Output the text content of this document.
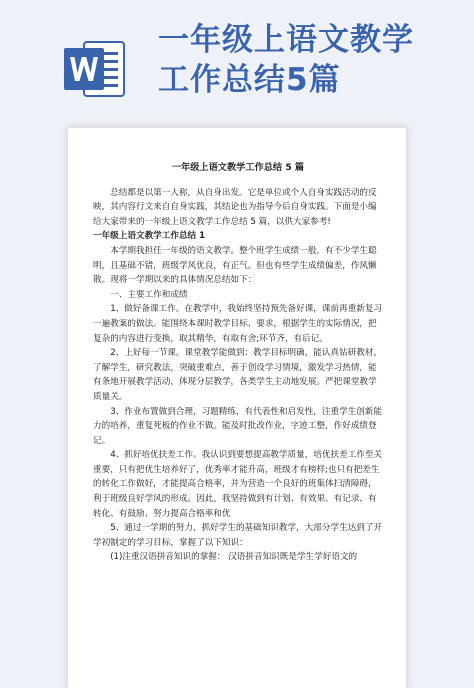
一年级上语文教学
工作总结5篇
一年级上语文教学工作总结 5 篇

总结都是以第一人称，从自身出发。它是单位或个人自身实践活动的反映，其内容行文来自自身实践，其结论也为指导今后自身实践。下面是小编给大家带来的一年级上语文教学工作总结 5 篇，以供大家参考!

一年级上语文教学工作总结 1

本学期我担任一年级的语文教学。整个班学生成绩一般，有不少学生聪明，且基础不错，班级学风优良，有正气。但也有些学生成绩偏差，作风懒散。现将一学期以来的具体情况总结如下：

一、主要工作和成绩

1、做好备课工作。在教学中，我始终坚持预先备好课，课前再重新复习一遍教案的做法。能围绕本课时教学目标、要求，根据学生的实际情况，把复杂的内容进行变换，取其精华，有取有舍;环节齐，有后记。

2、上好每一节课。课堂教学能做到：教学目标明确，能认真钻研教材，了解学生，研究教法，突破重难点，善于创设学习情境，激发学习热情，能有条地开展教学活动，体现分层教学，各类学生主动地发展。严把课堂教学质量关。

3、作业布置做到合理，习题精练，有代表性和启发性，注重学生创新能力的培养，重复死板的作业不做。能及时批改作业，字迹工整，作好成绩登记。

4、抓好培优扶差工作。我认识到要想提高教学质量，培优扶差工作至关重要，只有把优生培养好了，优秀率才能升高，班级才有榜样;也只有把差生的转化工作做好，才能提高合格率，并为营造一个良好的班集体扫清障碍，利于班级良好学风的形成。因此，我坚持做到有计划、有效果、有记录、有转化、有鼓励、努力提高合格率和优

5、通过一学期的努力，抓好学生的基础知识教学，大部分学生达到了开学初制定的学习目标，掌握了以下知识：

(1)注重汉语拼音知识的掌握： 汉语拼音知识既是学生学好语文的
